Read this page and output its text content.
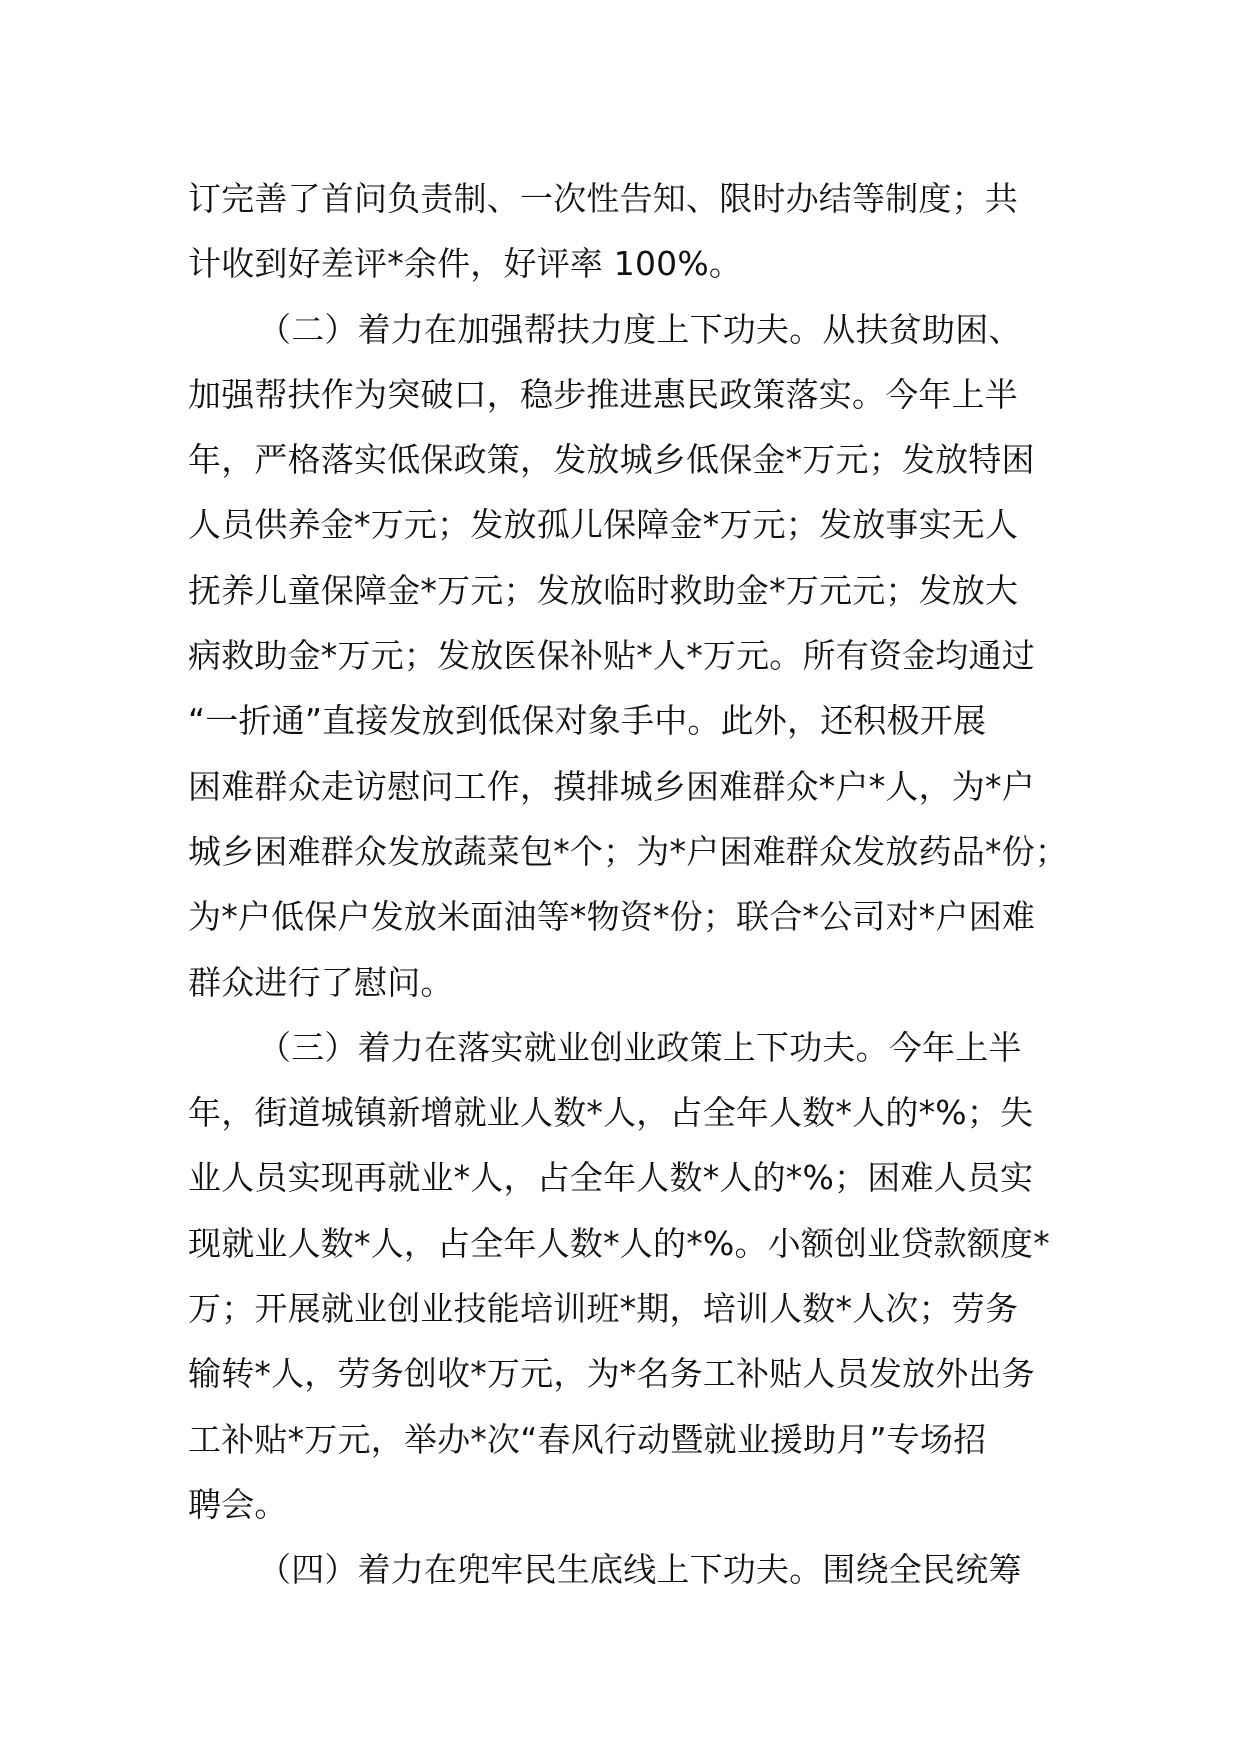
订完善了首问负责制、一次性告知、限时办结等制度；共
计收到好差评*余件，好评率 100%。
（二）着力在加强帮扶力度上下功夫。从扶贫助困、
加强帮扶作为突破口，稳步推进惠民政策落实。今年上半
年，严格落实低保政策，发放城乡低保金*万元；发放特困
人员供养金*万元；发放孤儿保障金*万元；发放事实无人
抚养儿童保障金*万元；发放临时救助金*万元元；发放大
病救助金*万元；发放医保补贴*人*万元。所有资金均通过
“一折通”直接发放到低保对象手中。此外，还积极开展
困难群众走访慰问工作，摸排城乡困难群众*户*人，为*户
城乡困难群众发放蔬菜包*个；为*户困难群众发放药品*份；
为*户低保户发放米面油等*物资*份；联合*公司对*户困难
群众进行了慰问。
（三）着力在落实就业创业政策上下功夫。今年上半
年，街道城镇新增就业人数*人，占全年人数*人的*%；失
业人员实现再就业*人，占全年人数*人的*%；困难人员实
现就业人数*人，占全年人数*人的*%。小额创业贷款额度*
万；开展就业创业技能培训班*期，培训人数*人次；劳务
输转*人，劳务创收*万元，为*名务工补贴人员发放外出务
工补贴*万元，举办*次“春风行动暨就业援助月”专场招
聘会。
（四）着力在兜牢民生底线上下功夫。围绕全民统筹
